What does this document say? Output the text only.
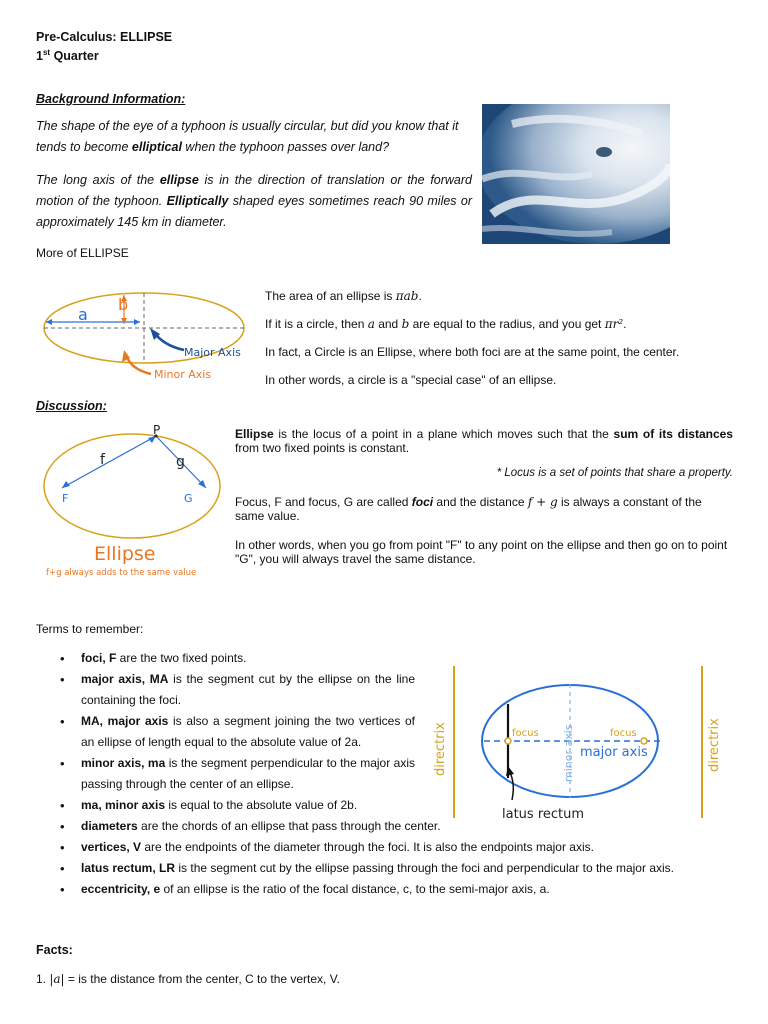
Pre-Calculus: ELLIPSE
1st Quarter
Background Information:
The shape of the eye of a typhoon is usually circular, but did you know that it tends to become elliptical when the typhoon passes over land?
The long axis of the ellipse is in the direction of translation or the forward motion of the typhoon. Elliptically shaped eyes sometimes reach 90 miles or approximately 145 km in diameter.
More of ELLIPSE
a
b
Major Axis
Minor Axis
The area of an ellipse is πab.
If it is a circle, then a and b are equal to the radius, and you get πr².
In fact, a Circle is an Ellipse, where both foci are at the same point, the center.
In other words, a circle is a "special case" of an ellipse.
Discussion:
P
f	g
F	G
Ellipse
f+g always adds to the same value
Ellipse is the locus of a point in a plane which moves such that the sum of its distances from two fixed points is constant.
* Locus is a set of points that share a property.
Focus, F and focus, G are called foci and the distance f + g is always a constant of the same value.
In other words, when you go from point "F" to any point on the ellipse and then go on to point "G", you will always travel the same distance.
Terms to remember:
directrix	directrix
focus	focus
minor axis major axis
latus rectum
• foci, F are the two fixed points.
• major axis, MA is the segment cut by the ellipse on the line containing the foci.
• MA, major axis is also a segment joining the two vertices of an ellipse of length equal to the absolute value of 2a.
• minor axis, ma is the segment perpendicular to the major axis passing through the center of an ellipse.
• ma, minor axis is equal to the absolute value of 2b.
• diameters are the chords of an ellipse that pass through the center.
• vertices, V are the endpoints of the diameter through the foci. It is also the endpoints major axis.
• latus rectum, LR is the segment cut by the ellipse passing through the foci and perpendicular to the major axis.
• eccentricity, e of an ellipse is the ratio of the focal distance, c, to the semi-major axis, a.
Facts:
1. |a| = is the distance from the center, C to the vertex, V.
